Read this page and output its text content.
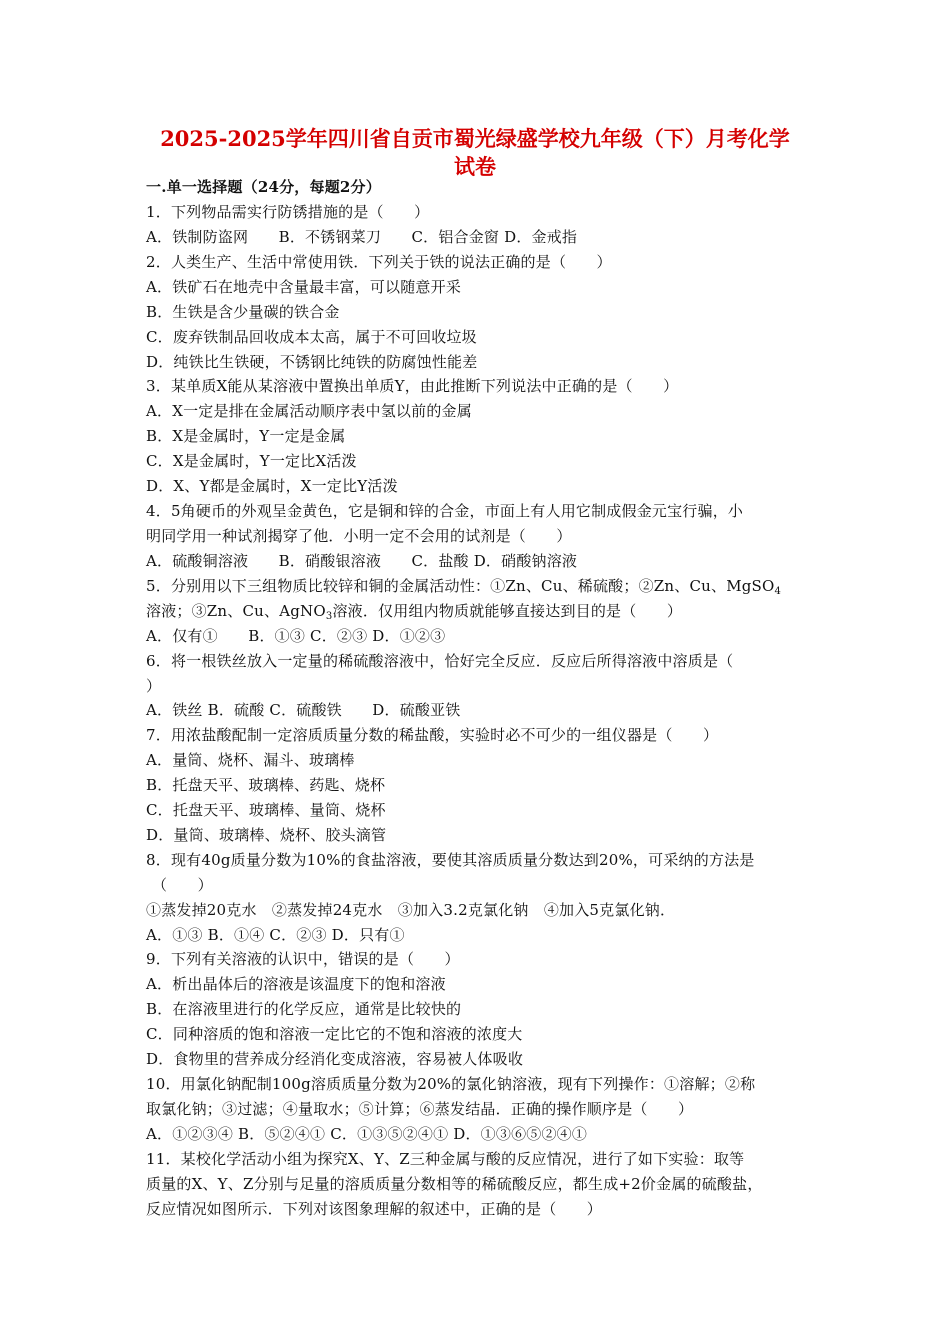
2025-2025学年四川省自贡市蜀光绿盛学校九年级（下）月考化学
试卷
一.单一选择题（24分，每题2分）
1．下列物品需实行防锈措施的是（　　）
A．铁制防盗网　　B．不锈钢菜刀　　C．铝合金窗 D．金戒指
2．人类生产、生活中常使用铁．下列关于铁的说法正确的是（　　）
A．铁矿石在地壳中含量最丰富，可以随意开采
B．生铁是含少量碳的铁合金
C．废弃铁制品回收成本太高，属于不可回收垃圾
D．纯铁比生铁硬，不锈钢比纯铁的防腐蚀性能差
3．某单质X能从某溶液中置换出单质Y，由此推断下列说法中正确的是（　　）
A．X一定是排在金属活动顺序表中氢以前的金属
B．X是金属时，Y一定是金属
C．X是金属时，Y一定比X活泼
D．X、Y都是金属时，X一定比Y活泼
4．5角硬币的外观呈金黄色，它是铜和锌的合金，市面上有人用它制成假金元宝行骗，小
明同学用一种试剂揭穿了他．小明一定不会用的试剂是（　　）
A．硫酸铜溶液　　B．硝酸银溶液　　C．盐酸 D．硝酸钠溶液
5．分别用以下三组物质比较锌和铜的金属活动性：①Zn、Cu、稀硫酸；②Zn、Cu、MgSO$_4$
溶液；③Zn、Cu、AgNO$_3$溶液．仅用组内物质就能够直接达到目的是（　　）
A．仅有①　　B．①③ C．②③ D．①②③
6．将一根铁丝放入一定量的稀硫酸溶液中，恰好完全反应．反应后所得溶液中溶质是（
）
A．铁丝 B．硫酸 C．硫酸铁　　D．硫酸亚铁
7．用浓盐酸配制一定溶质质量分数的稀盐酸，实验时必不可少的一组仪器是（　　）
A．量筒、烧杯、漏斗、玻璃棒
B．托盘天平、玻璃棒、药匙、烧杯
C．托盘天平、玻璃棒、量筒、烧杯
D．量筒、玻璃棒、烧杯、胶头滴管
8．现有40g质量分数为10%的食盐溶液，要使其溶质质量分数达到20%，可采纳的方法是
（　　）
①蒸发掉20克水　②蒸发掉24克水　③加入3.2克氯化钠　④加入5克氯化钠．
A．①③ B．①④ C．②③ D．只有①
9．下列有关溶液的认识中，错误的是（　　）
A．析出晶体后的溶液是该温度下的饱和溶液
B．在溶液里进行的化学反应，通常是比较快的
C．同种溶质的饱和溶液一定比它的不饱和溶液的浓度大
D．食物里的营养成分经消化变成溶液，容易被人体吸收
10．用氯化钠配制100g溶质质量分数为20%的氯化钠溶液，现有下列操作：①溶解；②称
取氯化钠；③过滤；④量取水；⑤计算；⑥蒸发结晶．正确的操作顺序是（　　）
A．①②③④ B．⑤②④① C．①③⑤②④① D．①③⑥⑤②④①
11．某校化学活动小组为探究X、Y、Z三种金属与酸的反应情况，进行了如下实验：取等
质量的X、Y、Z分别与足量的溶质质量分数相等的稀硫酸反应，都生成+2价金属的硫酸盐，
反应情况如图所示．下列对该图象理解的叙述中，正确的是（　　）
